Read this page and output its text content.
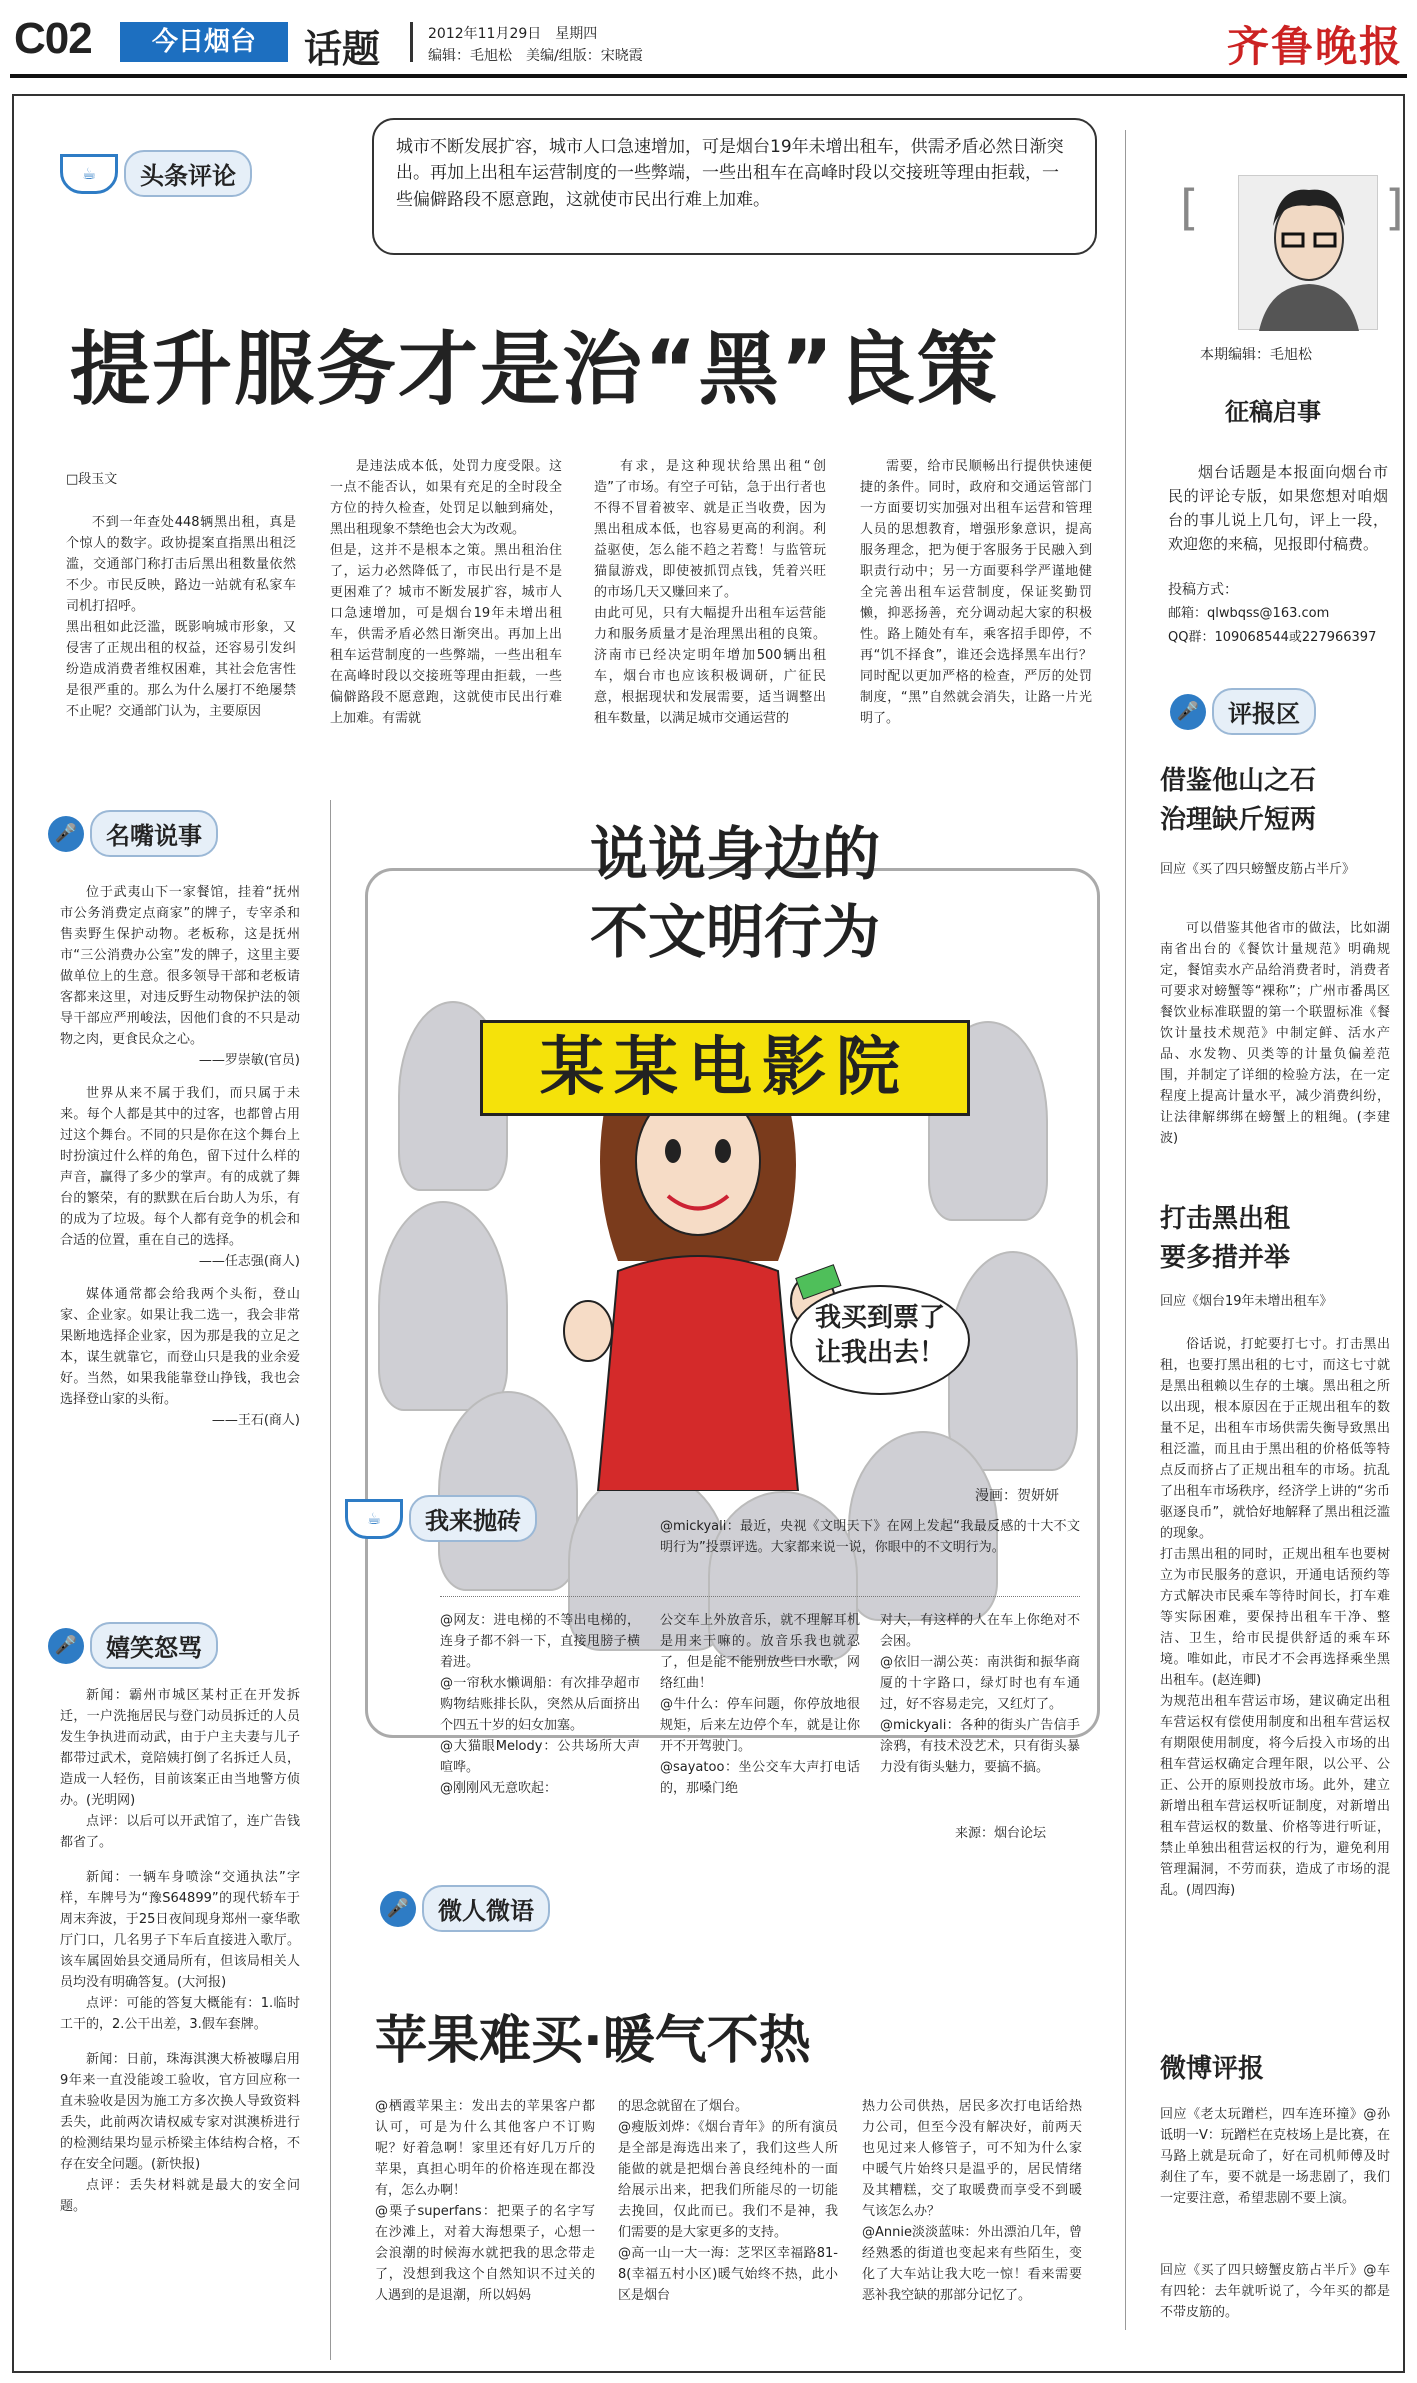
C02	今日烟台	话题	2012年11月29日　星期四
编辑：毛旭松　美编/组版：宋晓霞	齐鲁晚报
☕	头条评论
城市不断发展扩容，城市人口急速增加，可是烟台19年未增出租车，供需矛盾必然日渐突出。再加上出租车运营制度的一些弊端，一些出租车在高峰时段以交接班等理由拒载，一些偏僻路段不愿意跑，这就使市民出行难上加难。
提升服务才是治“黑”良策
□段玉文
不到一年查处448辆黑出租，真是个惊人的数字。政协提案直指黑出租泛滥，交通部门称打击后黑出租数量依然不少。市民反映，路边一站就有私家车司机打招呼。
黑出租如此泛滥，既影响城市形象，又侵害了正规出租的权益，还容易引发纠纷造成消费者维权困难，其社会危害性是很严重的。那么为什么屡打不绝屡禁不止呢？交通部门认为，主要原因
是违法成本低，处罚力度受限。这一点不能否认，如果有充足的全时段全方位的持久检查，处罚足以触到痛处，黑出租现象不禁绝也会大为改观。
但是，这并不是根本之策。黑出租治住了，运力必然降低了，市民出行是不是更困难了？城市不断发展扩容，城市人口急速增加，可是烟台19年未增出租车，供需矛盾必然日渐突出。再加上出租车运营制度的一些弊端，一些出租车在高峰时段以交接班等理由拒载，一些偏僻路段不愿意跑，这就使市民出行难上加难。有需就
有求，是这种现状给黑出租“创造”了市场。有空子可钻，急于出行者也不得不冒着被宰、就是正当收费，因为黑出租成本低，也容易更高的利润。利益驱使，怎么能不趋之若鹜！与监管玩猫鼠游戏，即使被抓罚点钱，凭着兴旺的市场几天又赚回来了。
由此可见，只有大幅提升出租车运营能力和服务质量才是治理黑出租的良策。济南市已经决定明年增加500辆出租车，烟台市也应该积极调研，广征民意，根据现状和发展需要，适当调整出租车数量，以满足城市交通运营的
需要，给市民顺畅出行提供快速便捷的条件。同时，政府和交通运管部门一方面要切实加强对出租车运营和管理人员的思想教育，增强形象意识，提高服务理念，把为便于客服务于民融入到职责行动中；另一方面要科学严谨地健全完善出租车运营制度，保证奖勤罚懒，抑恶扬善，充分调动起大家的积极性。路上随处有车，乘客招手即停，不再“饥不择食”，谁还会选择黑车出行？同时配以更加严格的检查，严厉的处罚制度，“黑”自然就会消失，让路一片光明了。
[	]
本期编辑：毛旭松
征稿启事
烟台话题是本报面向烟台市民的评论专版，如果您想对咱烟台的事儿说上几句，评上一段，欢迎您的来稿，见报即付稿费。
投稿方式：
邮箱：qlwbqss@163.com
QQ群：109068544或227966397
🎤	名嘴说事

位于武夷山下一家餐馆，挂着“抚州市公务消费定点商家”的牌子，专宰杀和售卖野生保护动物。老板称，这是抚州市“三公消费办公室”发的牌子，这里主要做单位上的生意。很多领导干部和老板请客都来这里，对违反野生动物保护法的领导干部应严刑峻法，因他们食的不只是动物之肉，更食民众之心。

——罗崇敏(官员)

世界从来不属于我们，而只属于未来。每个人都是其中的过客，也都曾占用过这个舞台。不同的只是你在这个舞台上时扮演过什么样的角色，留下过什么样的声音，赢得了多少的掌声。有的成就了舞台的繁荣，有的默默在后台助人为乐，有的成为了垃圾。每个人都有竞争的机会和合适的位置，重在自己的选择。

——任志强(商人)

媒体通常都会给我两个头衔，登山家、企业家。如果让我二选一，我会非常果断地选择企业家，因为那是我的立足之本，谋生就靠它，而登山只是我的业余爱好。当然，如果我能靠登山挣钱，我也会选择登山家的头衔。

——王石(商人)

🎤	嬉笑怒骂

新闻：霸州市城区某村正在开发拆迁，一户洗拖居民与登门动员拆迁的人员发生争执进而动武，由于户主夫妻与儿子都带过武术，竟陪姨打倒了名拆迁人员，造成一人轻伤，目前该案正由当地警方侦办。(光明网)

点评：以后可以开武馆了，连广告钱都省了。

新闻：一辆车身喷涂“交通执法”字样，车牌号为“豫S64899”的现代轿车于周末奔波，于25日夜间现身郑州一豪华歌厅门口，几名男子下车后直接进入歌厅。该车属固始县交通局所有，但该局相关人员均没有明确答复。(大河报)

点评：可能的答复大概能有：1.临时工干的，2.公干出差，3.假车套牌。

新闻：日前，珠海淇澳大桥被曝启用9年来一直没能竣工验收，官方回应称一直未验收是因为施工方多次换人导致资料丢失，此前两次请权威专家对淇澳桥进行的检测结果均显示桥梁主体结构合格，不存在安全问题。(新快报)

点评：丢失材料就是最大的安全问题。

说说身边的
不文明行为
某某电影院
我买到票了
让我出去！
漫画：贺妍妍
☕	我来抛砖	@mickyali：最近，央视《文明天下》在网上发起“我最反感的十大不文明行为”投票评选。大家都来说一说，你眼中的不文明行为。
@网友：进电梯的不等出电梯的，连身子都不斜一下，直接甩膀子横着进。
@一帘秋水懒调船：有次排孕超市购物结账排长队，突然从后面挤出个四五十岁的妇女加塞。
@大猫眼Melody：公共场所大声喧哗。
@刚刚风无意吹起：
公交车上外放音乐，就不理解耳机是用来干嘛的。放音乐我也就忍了，但是能不能别放些口水歌，网络红曲！
@牛什么：停车问题，你停放地很规矩，后来左边停个车，就是让你开不开驾驶门。
@sayatoo：坐公交车大声打电话的，那嗓门绝
对大，有这样的人在车上你绝对不会困。
@依旧一湖公英：南洪街和振华商厦的十字路口，绿灯时也有车通过，好不容易走完，又红灯了。
@mickyali：各种的街头广告信手涂鸦，有技术没艺术，只有街头暴力没有街头魅力，要搞不搞。
来源：烟台论坛
🎤	微人微语
苹果难买·暖气不热
@栖霞苹果主：发出去的苹果客户都认可，可是为什么其他客户不订购呢？好着急啊！家里还有好几万斤的苹果，真担心明年的价格连现在都没有，怎么办啊！
@栗子superfans：把栗子的名字写在沙滩上，对着大海想栗子，心想一会浪潮的时候海水就把我的思念带走了，没想到我这个自然知识不过关的人遇到的是退潮，所以妈妈
的思念就留在了烟台。
@瘦版刘烨：《烟台青年》的所有演员是全部是海选出来了，我们这些人所能做的就是把烟台善良经纯朴的一面给展示出来，把我们所能尽的一切能去挽回，仅此而已。我们不是神，我们需要的是大家更多的支持。
@高一山一大一海：芝罘区幸福路81-8(幸福五村小区)暖气始终不热，此小区是烟台
热力公司供热，居民多次打电话给热力公司，但至今没有解决好，前两天也见过来人修管子，可不知为什么家中暖气片始终只是温乎的，居民情绪及其糟糕，交了取暖费而享受不到暖气该怎么办？
@Annie淡淡蓝味：外出漂泊几年，曾经熟悉的街道也变起来有些陌生，变化了大车站让我大吃一惊！看来需要恶补我空缺的那部分记忆了。
🎤	评报区
借鉴他山之石
治理缺斤短两
回应《买了四只螃蟹皮筋占半斤》
可以借鉴其他省市的做法，比如湖南省出台的《餐饮计量规范》明确规定，餐馆卖水产品给消费者时，消费者可要求对螃蟹等“裸称”；广州市番禺区餐饮业标准联盟的第一个联盟标准《餐饮计量技术规范》中制定鲜、活水产品、水发物、贝类等的计量负偏差范围，并制定了详细的检验方法，在一定程度上提高计量水平，减少消费纠纷，让法律解绑绑在螃蟹上的粗绳。(李建波)
打击黑出租
要多措并举
回应《烟台19年未增出租车》
俗话说，打蛇要打七寸。打击黑出租，也要打黑出租的七寸，而这七寸就是黑出租赖以生存的土壤。黑出租之所以出现，根本原因在于正规出租车的数量不足，出租车市场供需失衡导致黑出租泛滥，而且由于黑出租的价格低等特点反而挤占了正规出租车的市场。抗乱了出租车市场秩序，经济学上讲的“劣币驱逐良币”，就恰好地解释了黑出租泛滥的现象。
打击黑出租的同时，正规出租车也要树立为市民服务的意识，开通电话预约等方式解决市民乘车等待时间长，打车难等实际困难，要保持出租车干净、整洁、卫生，给市民提供舒适的乘车环境。唯如此，市民才不会再选择乘坐黑出租车。(赵连卿)
为规范出租车营运市场，建议确定出租车营运权有偿使用制度和出租车营运权有期限使用制度，将今后投入市场的出租车营运权确定合理年限，以公平、公正、公开的原则投放市场。此外，建立新增出租车营运权听证制度，对新增出租车营运权的数量、价格等进行听证，禁止单独出租营运权的行为，避免利用管理漏洞，不劳而获，造成了市场的混乱。(周四海)
微博评报
回应《老太玩蹭栏，四车连环撞》@孙诋明一V：玩蹭栏在克枝场上是比赛，在马路上就是玩命了，好在司机师傅及时刹住了车，要不就是一场悲剧了，我们一定要注意，希望悲剧不要上演。
回应《买了四只螃蟹皮筋占半斤》@车有四轮：去年就听说了，今年买的都是不带皮筋的。
